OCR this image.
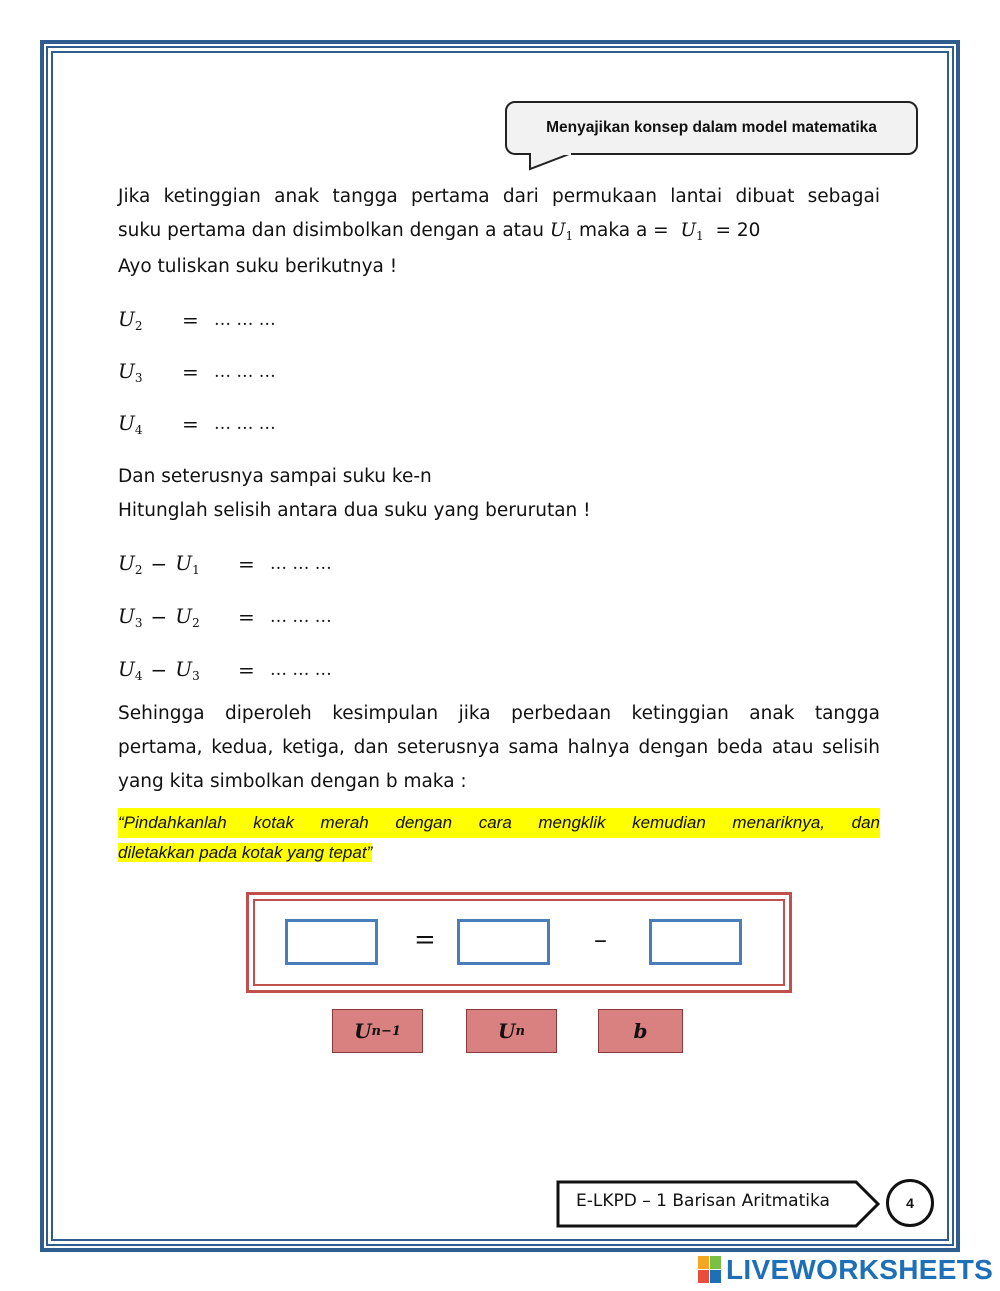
Menyajikan konsep dalam model matematika

Jika ketinggian anak tangga pertama dari permukaan lantai dibuat sebagai

suku pertama dan disimbolkan dengan a atau $U_1$ maka $a = U_1 = 20$

Ayo tuliskan suku berikutnya !

$U_2$ = … … …
$U_3$ = … … …
$U_4$ = … … …

Dan seterusnya sampai suku ke-n

Hitunglah selisih antara dua suku yang berurutan !

$U_2 - U_1$ = … … …
$U_3 - U_2$ = … … …
$U_4 - U_3$ = … … …

Sehingga diperoleh kesimpulan jika perbedaan ketinggian anak tangga

pertama, kedua, ketiga, dan seterusnya sama halnya dengan beda atau selisih

yang kita simbolkan dengan b maka :

“Pindahkanlah kotak merah dengan cara mengklik kemudian menariknya, dan
diletakkan pada kotak yang tepat”
=	–
U n−1	U n	b
E-LKPD – 1 Barisan Aritmatika	4
LIVEWORKSHEETS
